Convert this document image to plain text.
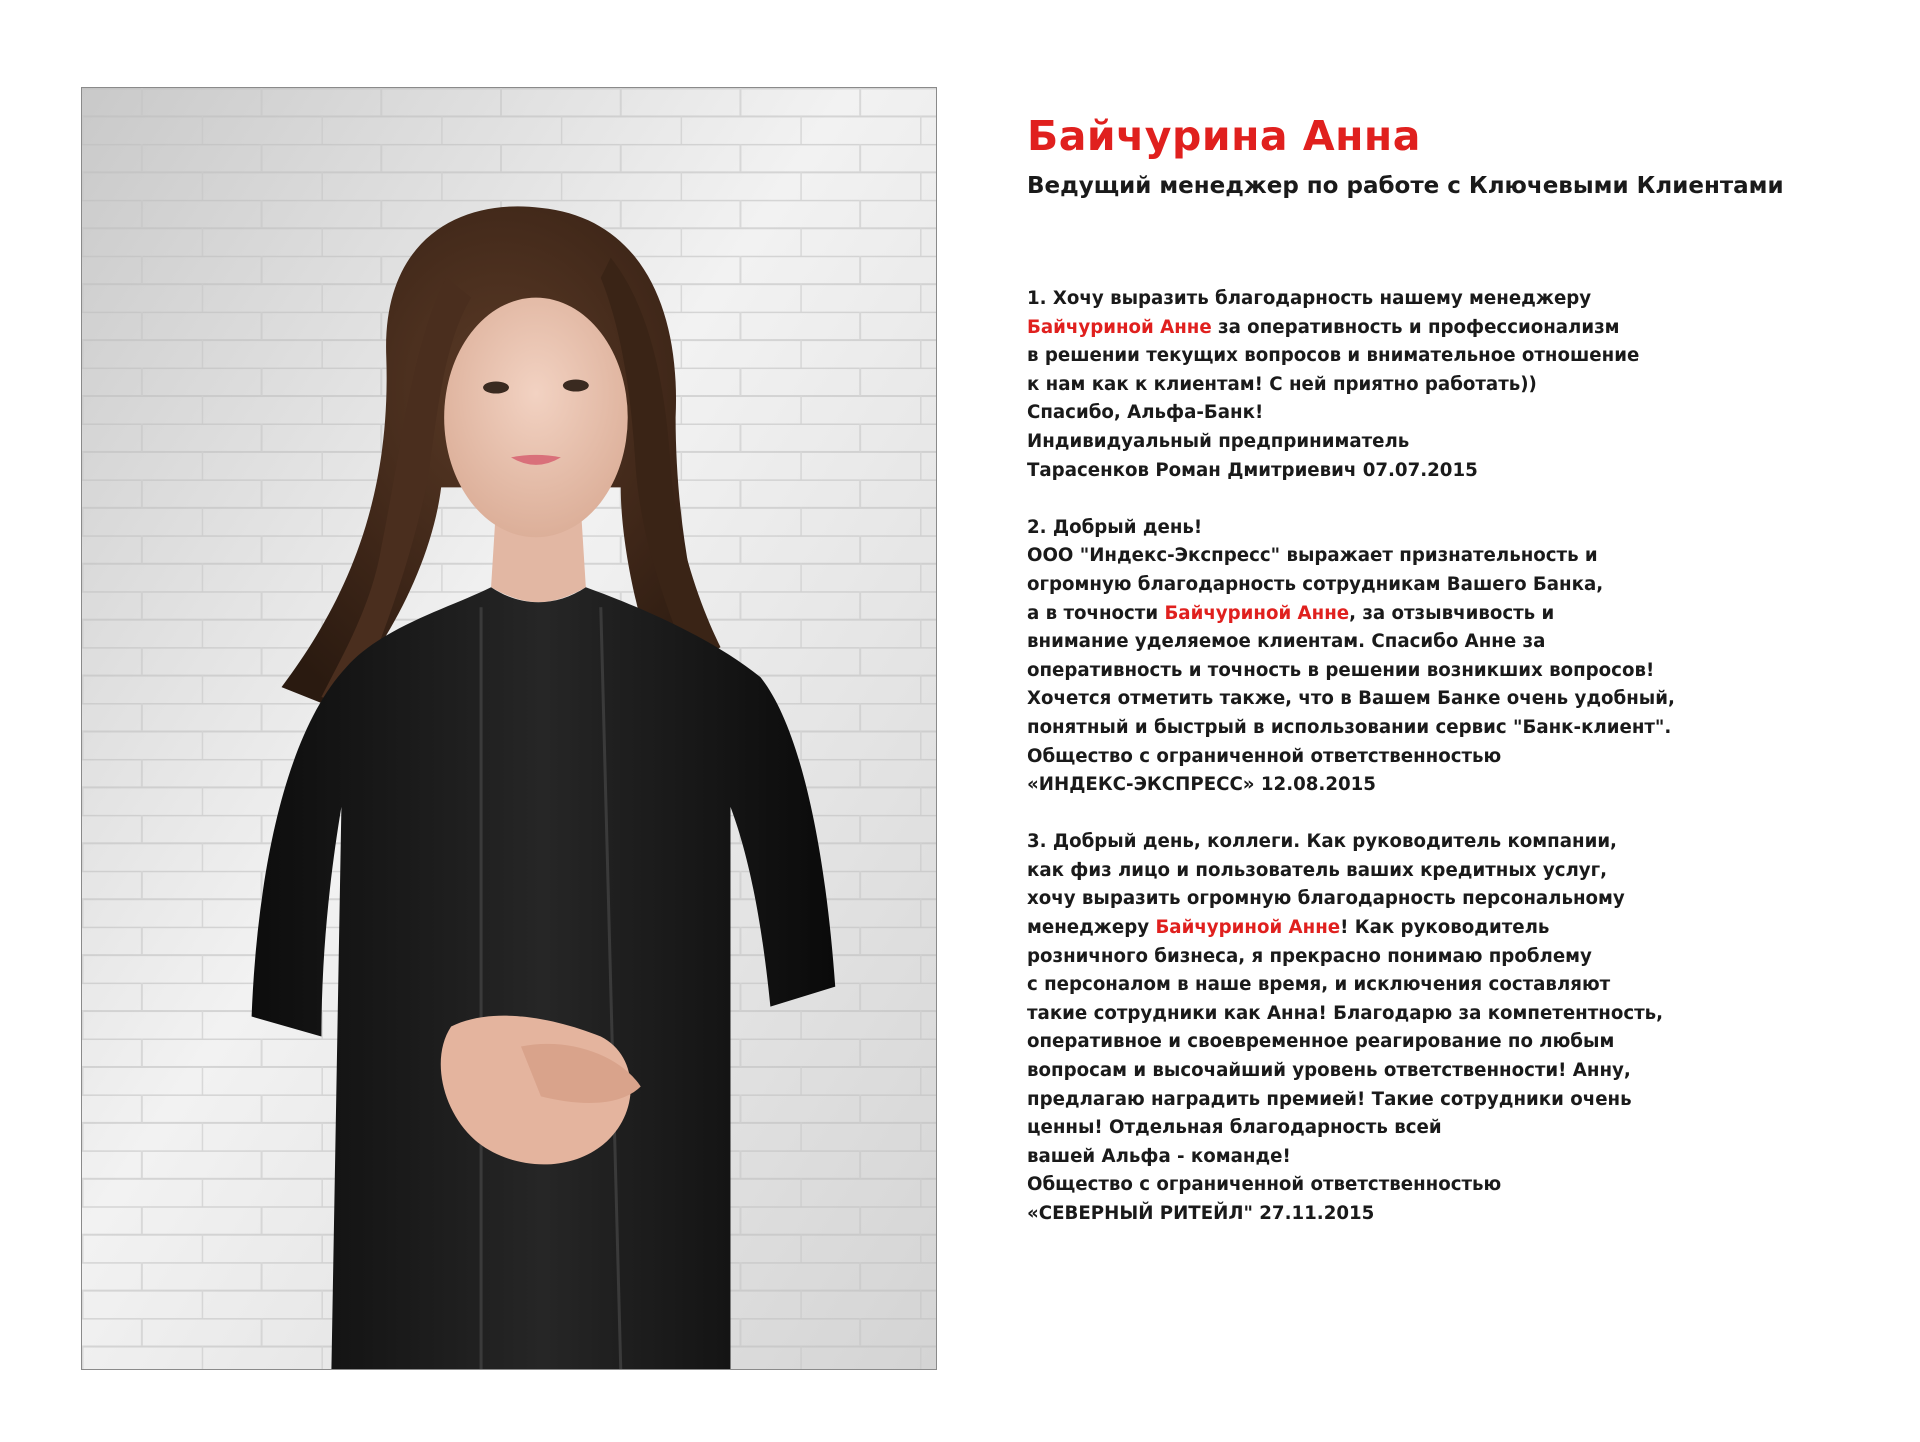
Байчурина Анна
Ведущий менеджер по работе с Ключевыми Клиентами
1. Хочу выразить благодарность нашему менеджеру
Байчуриной Анне за оперативность и профессионализм
в решении текущих вопросов и внимательное отношение
к нам как к клиентам! С ней приятно работать))
Спасибо, Альфа-Банк!
Индивидуальный предприниматель
Тарасенков Роман Дмитриевич 07.07.2015
2. Добрый день!
ООО "Индекс-Экспресс" выражает признательность и
огромную благодарность сотрудникам Вашего Банка,
а в точности Байчуриной Анне, за отзывчивость и
внимание уделяемое клиентам. Спасибо Анне за
оперативность и точность в решении возникших вопросов!
Хочется отметить также, что в Вашем Банке очень удобный,
понятный и быстрый в использовании сервис "Банк-клиент".
Общество с ограниченной ответственностью
«ИНДЕКС-ЭКСПРЕСС» 12.08.2015
3. Добрый день, коллеги. Как руководитель компании,
как физ лицо и пользователь ваших кредитных услуг,
хочу выразить огромную благодарность персональному
менеджеру Байчуриной Анне! Как руководитель
розничного бизнеса, я прекрасно понимаю проблему
с персоналом в наше время, и исключения составляют
такие сотрудники как Анна! Благодарю за компетентность,
оперативное и своевременное реагирование по любым
вопросам и высочайший уровень ответственности! Анну,
предлагаю наградить премией! Такие сотрудники очень
ценны! Отдельная благодарность всей
вашей Альфа - команде!
Общество с ограниченной ответственностью
«СЕВЕРНЫЙ РИТЕЙЛ" 27.11.2015
